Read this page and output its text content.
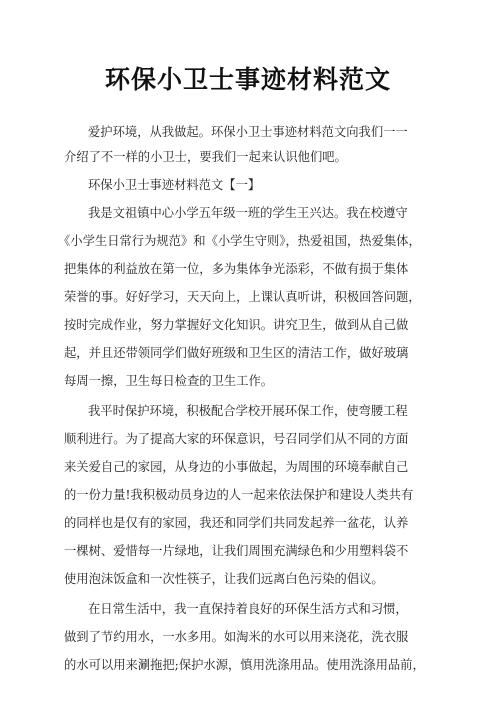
环保小卫士事迹材料范文
爱护环境，从我做起。环保小卫士事迹材料范文向我们一一
介绍了不一样的小卫士，要我们一起来认识他们吧。
环保小卫士事迹材料范文【一】
我是文祖镇中心小学五年级一班的学生王兴达。我在校遵守
《小学生日常行为规范》和《小学生守则》，热爱祖国，热爱集体，
把集体的利益放在第一位，多为集体争光添彩，不做有损于集体
荣誉的事。好好学习，天天向上，上课认真听讲，积极回答问题，
按时完成作业，努力掌握好文化知识。讲究卫生，做到从自己做
起，并且还带领同学们做好班级和卫生区的清洁工作，做好玻璃
每周一擦，卫生每日检查的卫生工作。
我平时保护环境，积极配合学校开展环保工作，使弯腰工程
顺利进行。为了提高大家的环保意识，号召同学们从不同的方面
来关爱自己的家园，从身边的小事做起，为周围的环境奉献自己
的一份力量!我积极动员身边的人一起来依法保护和建设人类共有
的同样也是仅有的家园，我还和同学们共同发起养一盆花，认养
一棵树、爱惜每一片绿地，让我们周围充满绿色和少用塑料袋不
使用泡沫饭盒和一次性筷子，让我们远离白色污染的倡议。
在日常生活中，我一直保持着良好的环保生活方式和习惯，
做到了节约用水，一水多用。如淘米的水可以用来浇花，洗衣服
的水可以用来涮拖把;保护水源，慎用洗涤用品。使用洗涤用品前，
